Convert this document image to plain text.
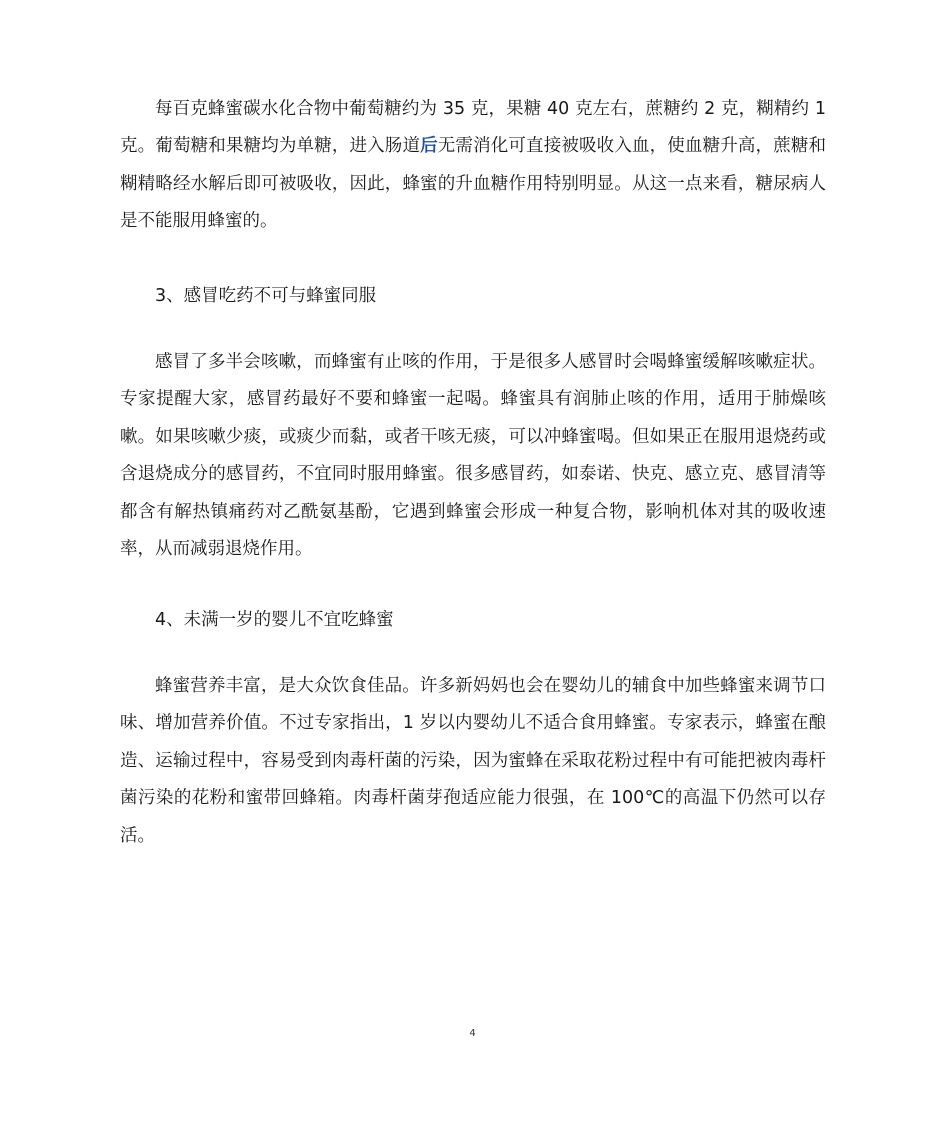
每百克蜂蜜碳水化合物中葡萄糖约为 35 克，果糖 40 克左右，蔗糖约 2 克，糊精约 1 克。葡萄糖和果糖均为单糖，进入肠道后无需消化可直接被吸收入血，使血糖升高，蔗糖和糊精略经水解后即可被吸收，因此，蜂蜜的升血糖作用特别明显。从这一点来看，糖尿病人是不能服用蜂蜜的。

3、感冒吃药不可与蜂蜜同服

感冒了多半会咳嗽，而蜂蜜有止咳的作用，于是很多人感冒时会喝蜂蜜缓解咳嗽症状。专家提醒大家，感冒药最好不要和蜂蜜一起喝。蜂蜜具有润肺止咳的作用，适用于肺燥咳嗽。如果咳嗽少痰，或痰少而黏，或者干咳无痰，可以冲蜂蜜喝。但如果正在服用退烧药或含退烧成分的感冒药，不宜同时服用蜂蜜。很多感冒药，如泰诺、快克、感立克、感冒清等都含有解热镇痛药对乙酰氨基酚，它遇到蜂蜜会形成一种复合物，影响机体对其的吸收速率，从而减弱退烧作用。

4、未满一岁的婴儿不宜吃蜂蜜

蜂蜜营养丰富，是大众饮食佳品。许多新妈妈也会在婴幼儿的辅食中加些蜂蜜来调节口味、增加营养价值。不过专家指出，1 岁以内婴幼儿不适合食用蜂蜜。专家表示，蜂蜜在酿造、运输过程中，容易受到肉毒杆菌的污染，因为蜜蜂在采取花粉过程中有可能把被肉毒杆菌污染的花粉和蜜带回蜂箱。肉毒杆菌芽孢适应能力很强，在 100℃的高温下仍然可以存活。

4
